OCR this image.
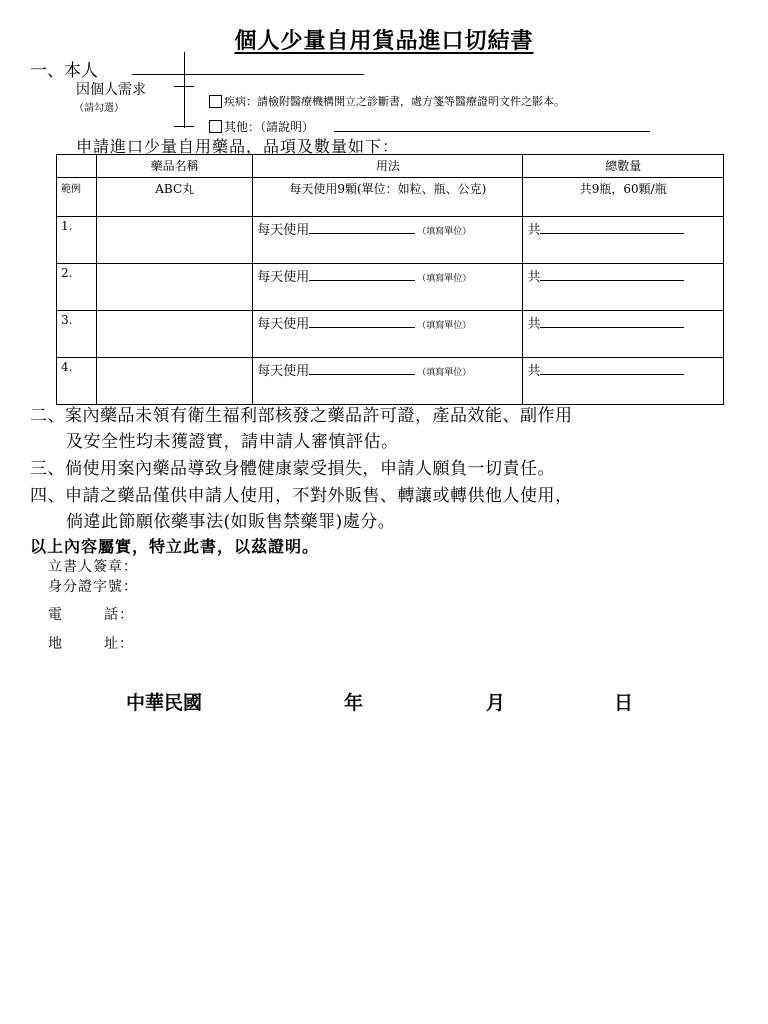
個人少量自用貨品進口切結書
一、本人
因個人需求
（請勾選）
疾病：請檢附醫療機構開立之診斷書，處方箋等醫療證明文件之影本。
其他：（請說明）
申請進口少量自用藥品，品項及數量如下：
	藥品名稱	用法	總數量
範例	ABC丸	每天使用9顆(單位：如粒、瓶、公克)	共9瓶，60顆/瓶
1.		每天使用 （填寫單位）	共
2.		每天使用 （填寫單位）	共
3.		每天使用 （填寫單位）	共
4.		每天使用 （填寫單位）	共
二、案內藥品未領有衛生福利部核發之藥品許可證，產品效能、副作用
及安全性均未獲證實，請申請人審慎評估。
三、倘使用案內藥品導致身體健康蒙受損失，申請人願負一切責任。
四、申請之藥品僅供申請人使用，不對外販售、轉讓或轉供他人使用，
倘違此節願依藥事法(如販售禁藥罪)處分。
以上內容屬實，特立此書，以茲證明。
立書人簽章：
身分證字號：
電	話：
地	址：
中華民國	年	月	日
